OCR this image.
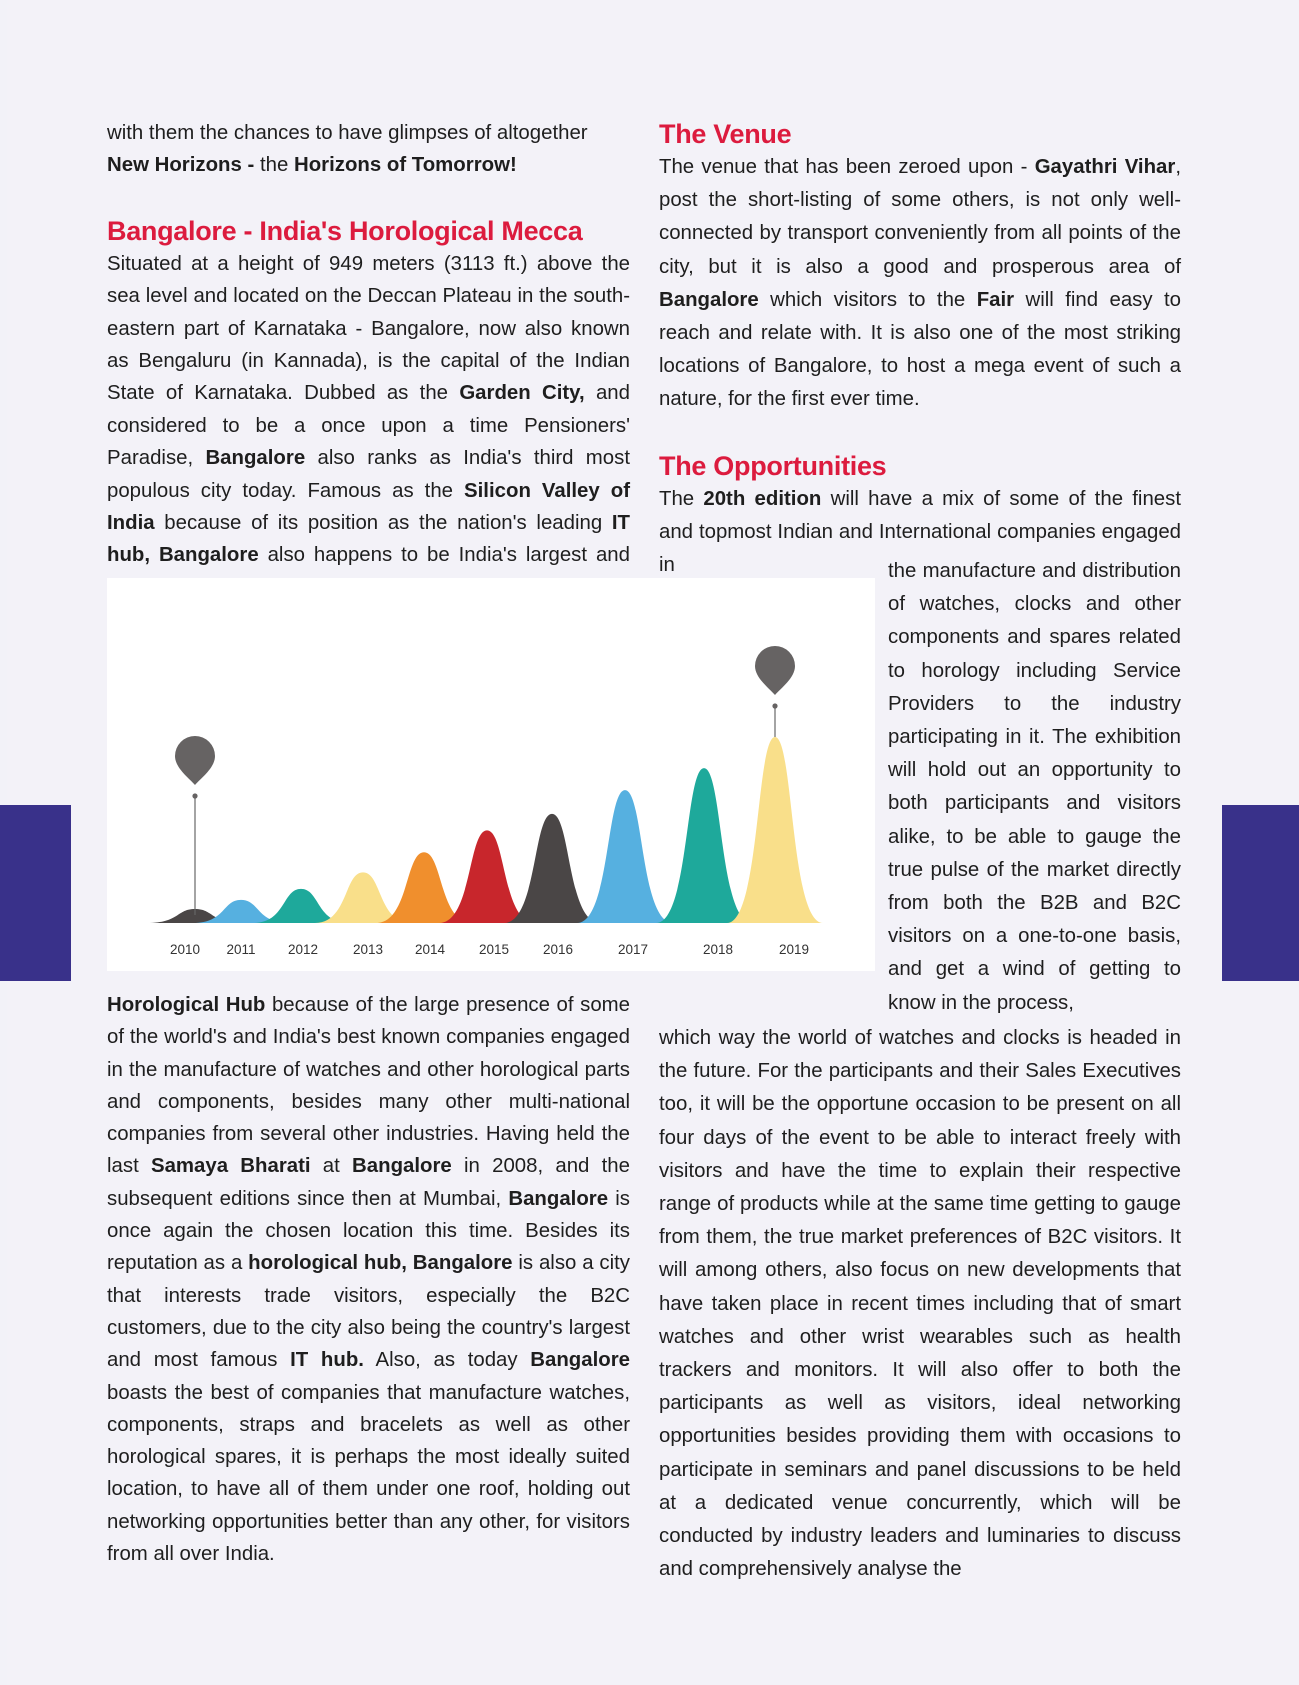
with them the chances to have glimpses of altogether
New Horizons - the Horizons of Tomorrow!

Bangalore - India's Horological Mecca

Situated at a height of 949 meters (3113 ft.) above the sea level and located on the Deccan Plateau in the south-eastern part of Karnataka - Bangalore, now also known as Bengaluru (in Kannada), is the capital of the Indian State of Karnataka. Dubbed as the Garden City, and considered to be a once upon a time Pensioners' Paradise, Bangalore also ranks as India's third most populous city today. Famous as the Silicon Valley of India because of its position as the nation's leading IT hub, Bangalore also happens to be India's largest and

2010 2011 2012	2013 2014	2015	2016	2017	2018	2019

Horological Hub because of the large presence of some of the world's and India's best known companies engaged in the manufacture of watches and other horological parts and components, besides many other multi-national companies from several other industries. Having held the last Samaya Bharati at Bangalore in 2008, and the subsequent editions since then at Mumbai, Bangalore is once again the chosen location this time. Besides its reputation as a horological hub, Bangalore is also a city that interests trade visitors, especially the B2C customers, due to the city also being the country's largest and most famous IT hub. Also, as today Bangalore boasts the best of companies that manufacture watches, components, straps and bracelets as well as other horological spares, it is perhaps the most ideally suited location, to have all of them under one roof, holding out networking opportunities better than any other, for visitors from all over India.

The Venue

The venue that has been zeroed upon - Gayathri Vihar, post the short-listing of some others, is not only well-connected by transport conveniently from all points of the city, but it is also a good and prosperous area of Bangalore which visitors to the Fair will find easy to reach and relate with. It is also one of the most striking locations of Bangalore, to host a mega event of such a nature, for the first ever time.

The Opportunities

The 20th edition will have a mix of some of the finest and topmost Indian and International companies engaged in	the manufacture and distribution of watches, clocks and other components and spares related to horology including Service Providers to the industry participating in it. The exhibition will hold out an opportunity to both participants and visitors alike, to be able to gauge the true pulse of the market directly from both the B2B and B2C visitors on a one-to-one basis, and get a wind of getting to know in the process,

which way the world of watches and clocks is headed in the future. For the participants and their Sales Executives too, it will be the opportune occasion to be present on all four days of the event to be able to interact freely with visitors and have the time to explain their respective range of products while at the same time getting to gauge from them, the true market preferences of B2C visitors. It will among others, also focus on new developments that have taken place in recent times including that of smart watches and other wrist wearables such as health trackers and monitors. It will also offer to both the participants as well as visitors, ideal networking opportunities besides providing them with occasions to participate in seminars and panel discussions to be held at a dedicated venue concurrently, which will be conducted by industry leaders and luminaries to discuss and comprehensively analyse the
